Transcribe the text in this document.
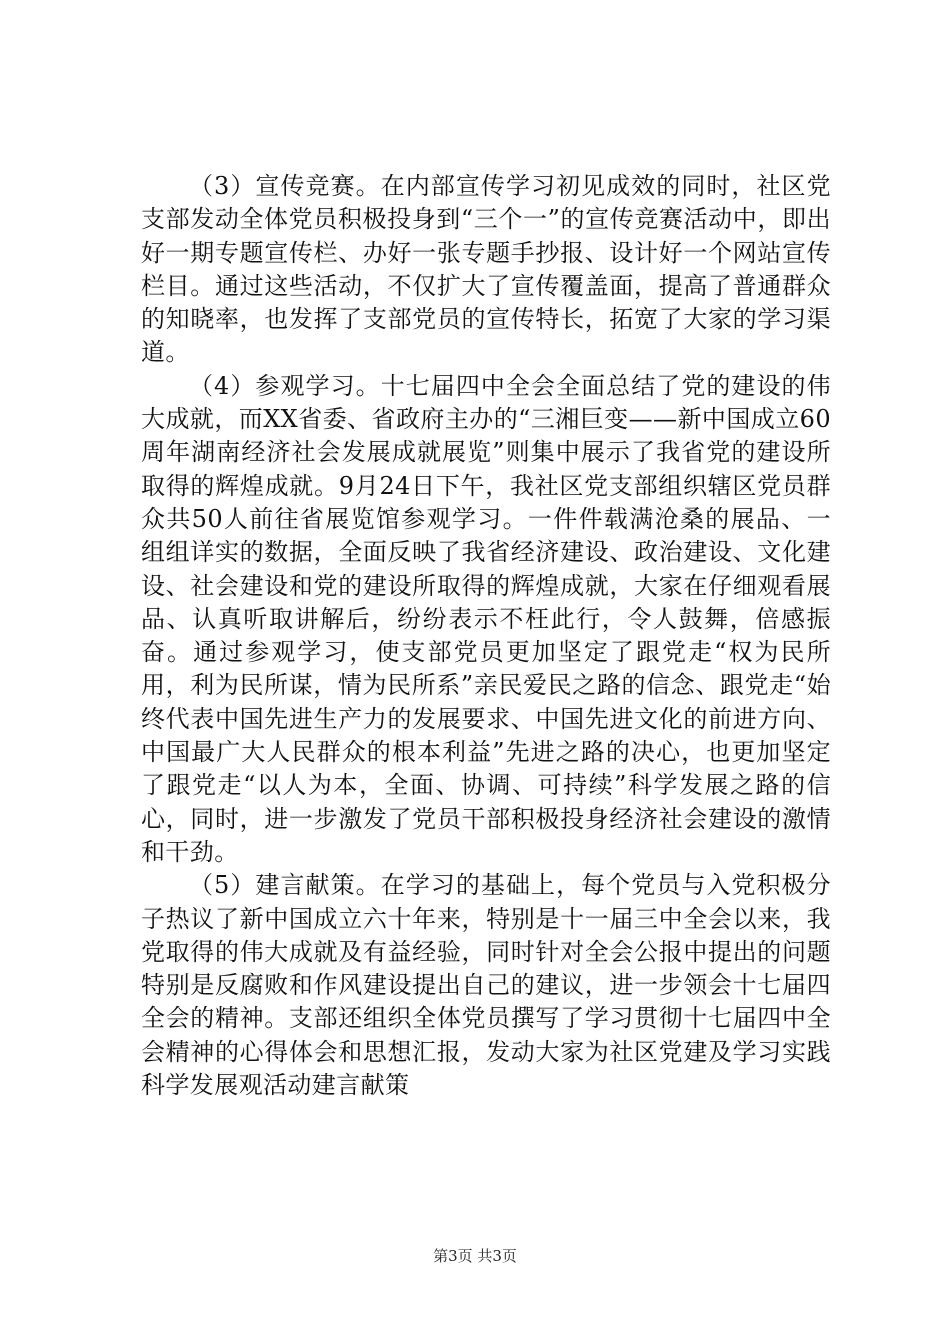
（3）宣传竞赛。在内部宣传学习初见成效的同时，社区党支部发动全体党员积极投身到“三个一”的宣传竞赛活动中，即出好一期专题宣传栏、办好一张专题手抄报、设计好一个网站宣传栏目。通过这些活动，不仅扩大了宣传覆盖面，提高了普通群众的知晓率，也发挥了支部党员的宣传特长，拓宽了大家的学习渠道。

（4）参观学习。十七届四中全会全面总结了党的建设的伟大成就，而XX省委、省政府主办的“三湘巨变——新中国成立60周年湖南经济社会发展成就展览”则集中展示了我省党的建设所取得的辉煌成就。9月24日下午，我社区党支部组织辖区党员群众共50人前往省展览馆参观学习。一件件载满沧桑的展品、一组组详实的数据，全面反映了我省经济建设、政治建设、文化建设、社会建设和党的建设所取得的辉煌成就，大家在仔细观看展品、认真听取讲解后，纷纷表示不枉此行，令人鼓舞，倍感振奋。通过参观学习，使支部党员更加坚定了跟党走“权为民所用，利为民所谋，情为民所系”亲民爱民之路的信念、跟党走“始终代表中国先进生产力的发展要求、中国先进文化的前进方向、中国最广大人民群众的根本利益”先进之路的决心，也更加坚定了跟党走“以人为本，全面、协调、可持续”科学发展之路的信心，同时，进一步激发了党员干部积极投身经济社会建设的激情和干劲。

（5）建言献策。在学习的基础上，每个党员与入党积极分子热议了新中国成立六十年来，特别是十一届三中全会以来，我党取得的伟大成就及有益经验，同时针对全会公报中提出的问题特别是反腐败和作风建设提出自己的建议，进一步领会十七届四全会的精神。支部还组织全体党员撰写了学习贯彻十七届四中全会精神的心得体会和思想汇报，发动大家为社区党建及学习实践科学发展观活动建言献策

第3页 共3页
